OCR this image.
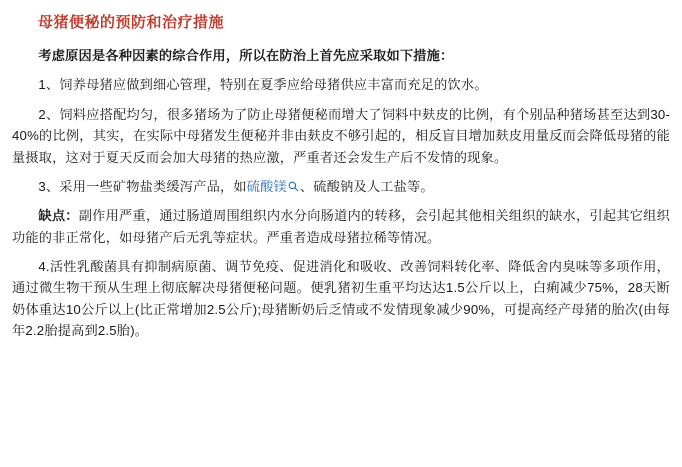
母猪便秘的预防和治疗措施

考虑原因是各种因素的综合作用，所以在防治上首先应采取如下措施：

1、饲养母猪应做到细心管理，特别在夏季应给母猪供应丰富而充足的饮水。

2、饲料应搭配均匀，很多猪场为了防止母猪便秘而增大了饲料中麸皮的比例，有个别品种猪场甚至达到30-40%的比例，其实，在实际中母猪发生便秘并非由麸皮不够引起的，相反盲目增加麸皮用量反而会降低母猪的能量摄取，这对于夏天反而会加大母猪的热应激，严重者还会发生产后不发情的现象。

3、采用一些矿物盐类缓泻产品，如硫酸镁 、硫酸钠及人工盐等。

缺点：副作用严重，通过肠道周围组织内水分向肠道内的转移，会引起其他相关组织的缺水，引起其它组织功能的非正常化，如母猪产后无乳等症状。严重者造成母猪拉稀等情况。

4.活性乳酸菌具有抑制病原菌、调节免疫、促进消化和吸收、改善饲料转化率、降低舍内臭味等多项作用，通过微生物干预从生理上彻底解决母猪便秘问题。便乳猪初生重平均达达1.5公斤以上，白痢减少75%，28天断奶体重达10公斤以上(比正常增加2.5公斤);母猪断奶后乏情或不发情现象减少90%，可提高经产母猪的胎次(由每年2.2胎提高到2.5胎)。
